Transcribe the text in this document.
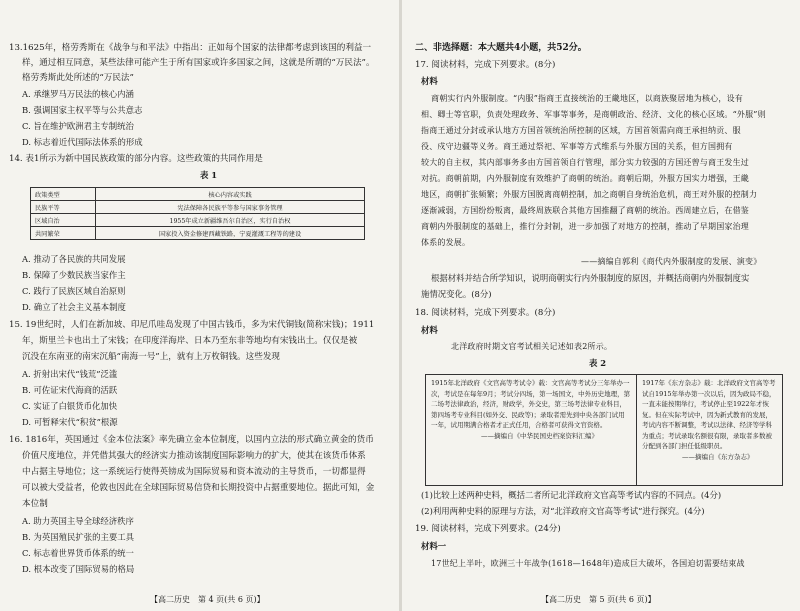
13.1625年，格劳秀斯在《战争与和平法》中指出：正如每个国家的法律都考虑到该国的利益一
样，通过相互同意，某些法律可能产生于所有国家或许多国家之间，这就是所谓的“万民法”。
格劳秀斯此处所述的“万民法”
A. 承继罗马万民法的核心内涵
B. 强调国家主权平等与公共意志
C. 旨在维护欧洲君主专制统治
D. 标志着近代国际法体系的形成
14. 表1所示为新中国民族政策的部分内容。这些政策的共同作用是
表 1
政策类型	核心内容或实践
民族平等	宪法保障各民族平等参与国家事务管理
区域自治	1955年成立新疆维吾尔自治区，实行自治权
共同繁荣	国家投入资金修建西藏铁路，宁夏灌溉工程等的建设
A. 推动了各民族的共同发展
B. 保障了少数民族当家作主
C. 践行了民族区域自治原则
D. 确立了社会主义基本制度
15. 19世纪时，人们在新加坡、印尼爪哇岛发现了中国古钱币，多为宋代铜钱(简称宋钱)；1911
年，斯里兰卡也出土了宋钱；在印度洋海岸、日本乃至东非等地均有宋钱出土。仅仅是被
沉没在东南亚的南宋沉船“南海一号”上，就有上万枚铜钱。这些发现
A. 折射出宋代“钱荒”泛滥
B. 可佐证宋代海商的活跃
C. 实证了白银货币化加快
D. 可暂释宋代“积贫”根源
16. 1816年，英国通过《金本位法案》率先确立金本位制度，以国内立法的形式确立黄金的货币
价值尺度地位，并凭借其强大的经济实力推动该制度国际影响力的扩大，使其在该货币体系
中占据主导地位；这一系统运行使得英镑成为国际贸易和资本流动的主导货币，一切都显得
可以被大受益者，伦敦也因此在全球国际贸易信贷和长期投资中占据重要地位。据此可知，金
本位制
A. 助力英国主导全球经济秩序
B. 为英国殖民扩张的主要工具
C. 标志着世界货币体系的统一
D. 根本改变了国际贸易的格局
【高二历史　第 4 页(共 6 页)】
二、非选择题：本大题共4小题，共52分。
17. 阅读材料，完成下列要求。(8分)
材料
商朝实行内外服制度。“内服”指商王直接统治的王畿地区，以商族聚居地为核心，设有
相、卿士等官职，负责处理政务、军事等事务，是商朝政治、经济、文化的核心区域。“外服”则
指商王通过分封或承认地方方国首领统治所控制的区域，方国首领需向商王承担纳贡、服
役、戍守边疆等义务。商王通过祭祀、军事等方式维系与外服方国的关系，但方国拥有
较大的自主权，其内部事务多由方国首领自行管理，部分实力较强的方国还曾与商王发生过
对抗。商朝前期，内外服制度有效维护了商朝的统治。商朝后期，外服方国实力增强，王畿
地区，商朝扩张频繁；外服方国脱离商朝控制，加之商朝自身统治危机，商王对外服的控制力
逐渐减弱，方国纷纷叛离，最终周族联合其他方国推翻了商朝的统治。西周建立后，在借鉴
商朝内外服制度的基础上，推行分封制，进一步加强了对地方的控制，推动了早期国家治理
体系的发展。
——摘编自郭利《商代内外服制度的发展、演变》
根据材料并结合所学知识，说明商朝实行内外服制度的原因，并概括商朝内外服制度实
施情况变化。(8分)
18. 阅读材料，完成下列要求。(8分)
材料
北洋政府时期文官考试相关记述如表2所示。
表 2
1915年北洋政府《文官高等考试令》载：文官高等考试分三年举办一次，考试是在每年9月；考试分四场，第一场国文，中外历史地理，第二场考法律政治，经济，财政学，外交史，第三场考法律专业科目，第四场考专业科目(如外交、民政等)；录取者需先到中央各部门试用一年，试用期满合格者才正式任用，合格者可获得文官资格。
——摘编自《中华民国史档案资料汇编》
1917年《东方杂志》载：北洋政府文官高等考试自1915年举办第一次以后，因为政局不稳，一直未能按期举行，考试停止至1922年才恢复。但在实际考试中，因为新式教育的发展，考试内容不断调整，考试以法律、经济等学科为重点；考试录取名额很有限，录取者多数被分配到各部门担任低级职员。
——摘编自《东方杂志》
(1)比较上述两种史料，概括二者所记北洋政府文官高等考试内容的不同点。(4分)
(2)利用两种史料的原理与方法，对“北洋政府文官高等考试”进行探究。(4分)
19. 阅读材料，完成下列要求。(24分)
材料一
17世纪上半叶，欧洲三十年战争(1618—1648年)造成巨大破坏，各国迫切需要结束战
【高二历史　第 5 页(共 6 页)】
